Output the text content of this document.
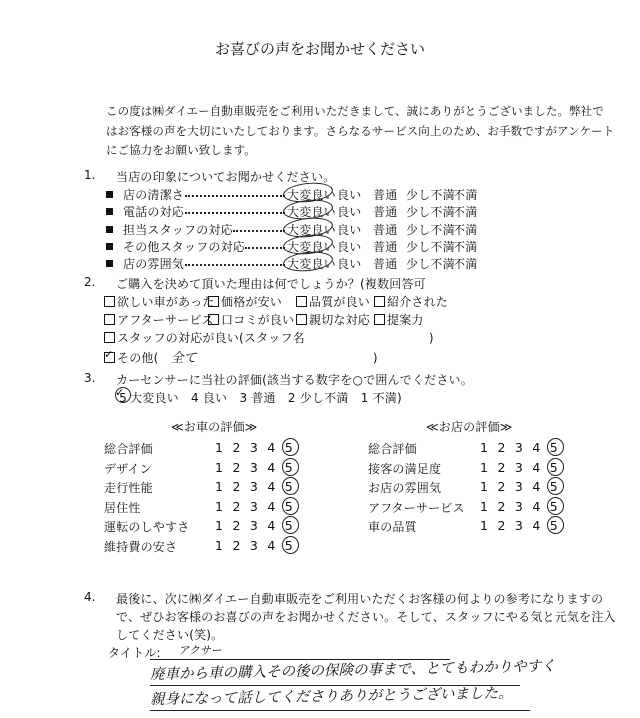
お喜びの声をお聞かせください
この度は㈱ダイエー自動車販売をご利用いただきまして、誠にありがとうございました。弊社で
はお客様の声を大切にいたしております。さらなるサービス向上のため、お手数ですがアンケート
にご協力をお願い致します。
1. 当店の印象についてお聞かせください。
2. ご購入を決めて頂いた理由は何でしょうか？(複数回答可
3. カーセンサーに当社の評価(該当する数字を○で囲んでください。
5 ✓ 大変良い　4 良い　3 普通　2 少し不満　1 不満)
≪お車の評価≫	≪お店の評価≫
4. 最後に、次に㈱ダイエー自動車販売をご利用いただくお客様の何よりの参考になりますの
で、ぜひお客様のお喜びの声をお聞かせください。そして、スタッフにやる気と元気を注入
してください(笑)。
タイトル: アクサー
廃車から車の購入その後の保険の事まで、とてもわかりやすく
親身になって話してくださりありがとうございました。
店の清潔さ	大変良い良い 普通 少し不満不満
電話の対応	大変良い良い 普通 少し不満不満
担当スタッフの対応	大変良い良い 普通 少し不満不満
その他スタッフの対応	大変良い良い 普通 少し不満不満
店の雰囲気	大変良い良い 普通 少し不満不満
欲しい車があった 価格が安い 品質が良い 紹介された
アフターサービス 口コミが良い 親切な対応 提案力
スタッフの対応が良い(スタッフ名	)
✓その他( 全て	)
総合評価	12345
デザイン	12345
走行性能	12345
居住性	12345
運転のしやすさ 12345
維持費の安さ	12345
総合評価	12345
接客の満足度	12345
お店の雰囲気	12345
アフターサービス 12345
車の品質	12345
